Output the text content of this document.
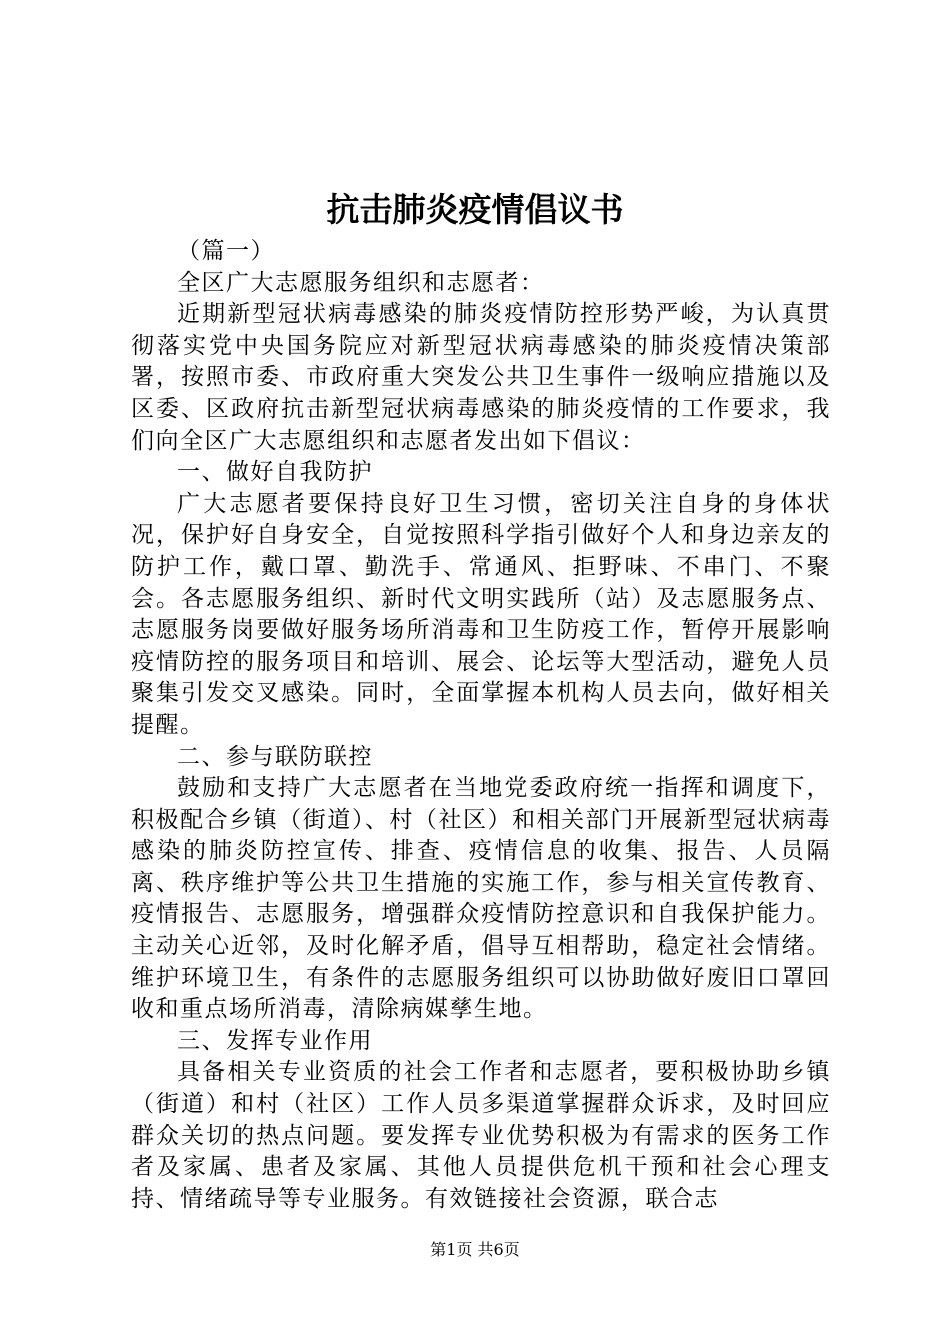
抗击肺炎疫情倡议书

（篇一）

全区广大志愿服务组织和志愿者：

近期新型冠状病毒感染的肺炎疫情防控形势严峻，为认真贯彻落实党中央国务院应对新型冠状病毒感染的肺炎疫情决策部署，按照市委、市政府重大突发公共卫生事件一级响应措施以及区委、区政府抗击新型冠状病毒感染的肺炎疫情的工作要求，我们向全区广大志愿组织和志愿者发出如下倡议：

一、做好自我防护

广大志愿者要保持良好卫生习惯，密切关注自身的身体状况，保护好自身安全，自觉按照科学指引做好个人和身边亲友的防护工作，戴口罩、勤洗手、常通风、拒野味、不串门、不聚会。各志愿服务组织、新时代文明实践所（站）及志愿服务点、志愿服务岗要做好服务场所消毒和卫生防疫工作，暂停开展影响疫情防控的服务项目和培训、展会、论坛等大型活动，避免人员聚集引发交叉感染。同时，全面掌握本机构人员去向，做好相关提醒。

二、参与联防联控

鼓励和支持广大志愿者在当地党委政府统一指挥和调度下，积极配合乡镇（街道）、村（社区）和相关部门开展新型冠状病毒感染的肺炎防控宣传、排查、疫情信息的收集、报告、人员隔离、秩序维护等公共卫生措施的实施工作，参与相关宣传教育、疫情报告、志愿服务，增强群众疫情防控意识和自我保护能力。主动关心近邻，及时化解矛盾，倡导互相帮助，稳定社会情绪。维护环境卫生，有条件的志愿服务组织可以协助做好废旧口罩回收和重点场所消毒，清除病媒孳生地。

三、发挥专业作用

具备相关专业资质的社会工作者和志愿者，要积极协助乡镇（街道）和村（社区）工作人员多渠道掌握群众诉求，及时回应群众关切的热点问题。要发挥专业优势积极为有需求的医务工作者及家属、患者及家属、其他人员提供危机干预和社会心理支持、情绪疏导等专业服务。有效链接社会资源，联合志

第1页 共6页
